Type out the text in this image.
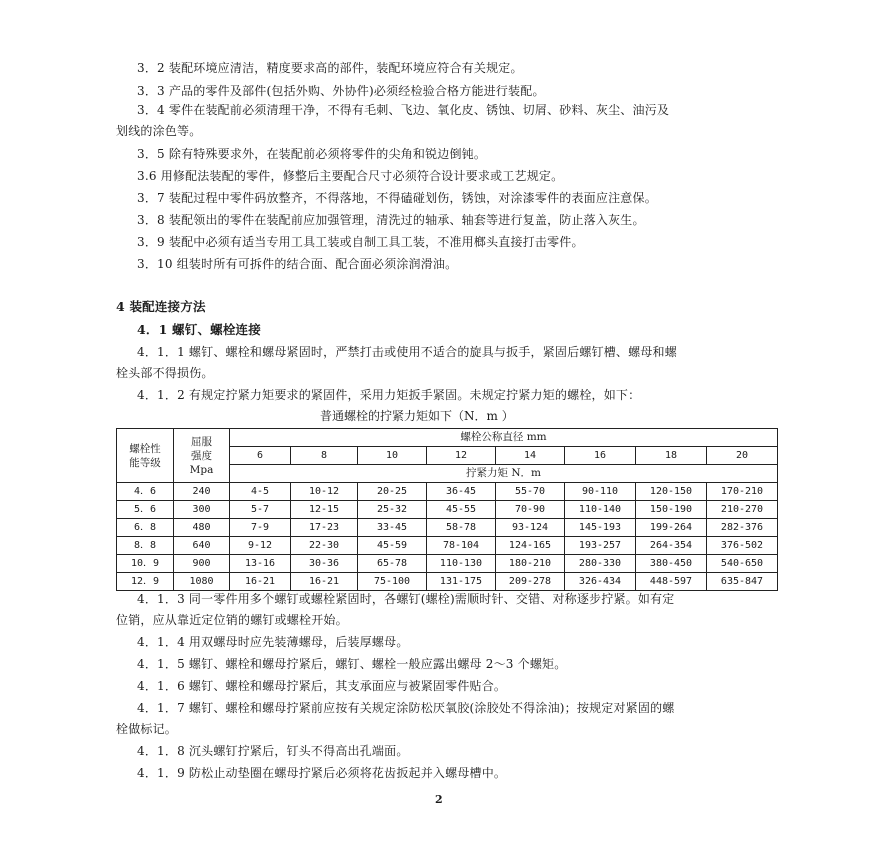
3．2 装配环境应清洁，精度要求高的部件，装配环境应符合有关规定。
3．3 产品的零件及部件(包括外购、外协件)必须经检验合格方能进行装配。
3．4 零件在装配前必须清理干净，不得有毛刺、飞边、氧化皮、锈蚀、切屑、砂料、灰尘、油污及
划线的涂色等。
3．5 除有特殊要求外，在装配前必须将零件的尖角和锐边倒钝。
3.6 用修配法装配的零件，修整后主要配合尺寸必须符合设计要求或工艺规定。
3．7 装配过程中零件码放整齐，不得落地，不得磕碰划伤，锈蚀，对涂漆零件的表面应注意保。
3．8 装配领出的零件在装配前应加强管理，清洗过的轴承、轴套等进行复盖，防止落入灰生。
3．9 装配中必须有适当专用工具工装或自制工具工装，不准用榔头直接打击零件。
3．10 组装时所有可拆件的结合面、配合面必须涂润滑油。
4 装配连接方法
4．1 螺钉、螺栓连接
4．1．1 螺钉、螺栓和螺母紧固时，严禁打击或使用不适合的旋具与扳手，紧固后螺钉槽、螺母和螺
栓头部不得损伤。
4．1．2 有规定拧紧力矩要求的紧固件，采用力矩扳手紧固。未规定拧紧力矩的螺栓，如下：
普通螺栓的拧紧力矩如下（N．m ）
螺栓性
能等级	屈服
强度
Mpa	螺栓公称直径 mm							
		6	8	10	12	14	16	18	20
		拧紧力矩 N．m							
4．6	240	4-5	10-12	20-25	36-45	55-70	90-110	120-150	170-210
5．6	300	5-7	12-15	25-32	45-55	70-90	110-140	150-190	210-270
6．8	480	7-9	17-23	33-45	58-78	93-124	145-193	199-264	282-376
8．8	640	9-12	22-30	45-59	78-104	124-165	193-257	264-354	376-502
10．9	900	13-16	30-36	65-78	110-130	180-210	280-330	380-450	540-650
12．9	1080	16-21	16-21	75-100	131-175	209-278	326-434	448-597	635-847
4．1．3 同一零件用多个螺钉或螺栓紧固时，各螺钉(螺栓)需顺时针、交错、对称逐步拧紧。如有定
位销，应从靠近定位销的螺钉或螺栓开始。
4．1．4 用双螺母时应先装薄螺母，后装厚螺母。
4．1．5 螺钉、螺栓和螺母拧紧后，螺钉、螺栓一般应露出螺母 2～3 个螺矩。
4．1．6 螺钉、螺栓和螺母拧紧后，其支承面应与被紧固零件贴合。
4．1．7 螺钉、螺栓和螺母拧紧前应按有关规定涂防松厌氧胶(涂胶处不得涂油)；按规定对紧固的螺
栓做标记。
4．1．8 沉头螺钉拧紧后，钉头不得高出孔端面。
4．1．9 防松止动垫圈在螺母拧紧后必须将花齿扳起并入螺母槽中。
2
